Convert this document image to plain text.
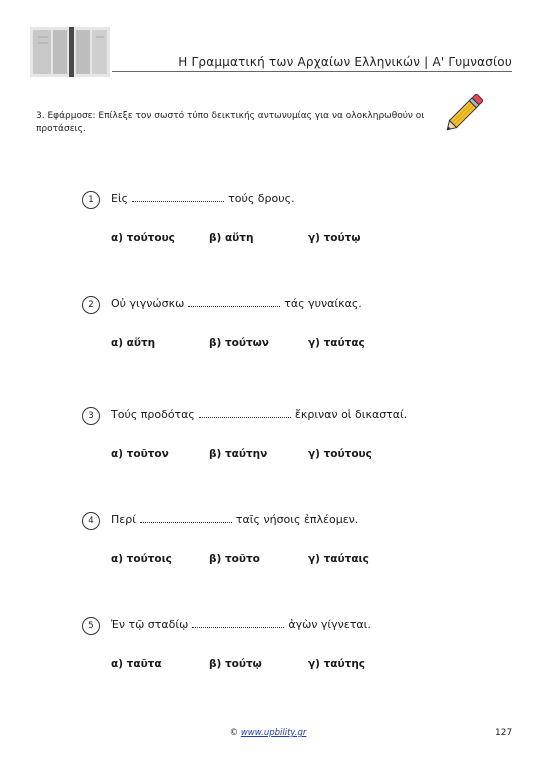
Η Γραμματική των Αρχαίων Ελληνικών | Α' Γυμνασίου
3. Εφάρμοσε: Επίλεξε τον σωστό τύπο δεικτικής αντωνυμίας για να ολοκληρωθούν οι προτάσεις.
1	Εἰς	τούς δρους.
α) τούτους	β) αὕτη	γ) τούτῳ
2	Οὐ γιγνώσκω	τάς γυναίκας.
α) αὕτη	β) τούτων	γ) ταύτας
3	Τούς προδότας	ἔκριναν οἱ δικασταί.
α) τοῦτον	β) ταύτην	γ) τούτους
4	Περί	ταῖς νήσοις ἐπλέομεν.
α) τούτοις	β) τοῦτο	γ) ταύταις
5	Ἐν τῷ σταδίῳ	ἀγὼν γίγνεται.
α) ταῦτα	β) τούτῳ	γ) ταύτης
© www.upbility.gr	127
